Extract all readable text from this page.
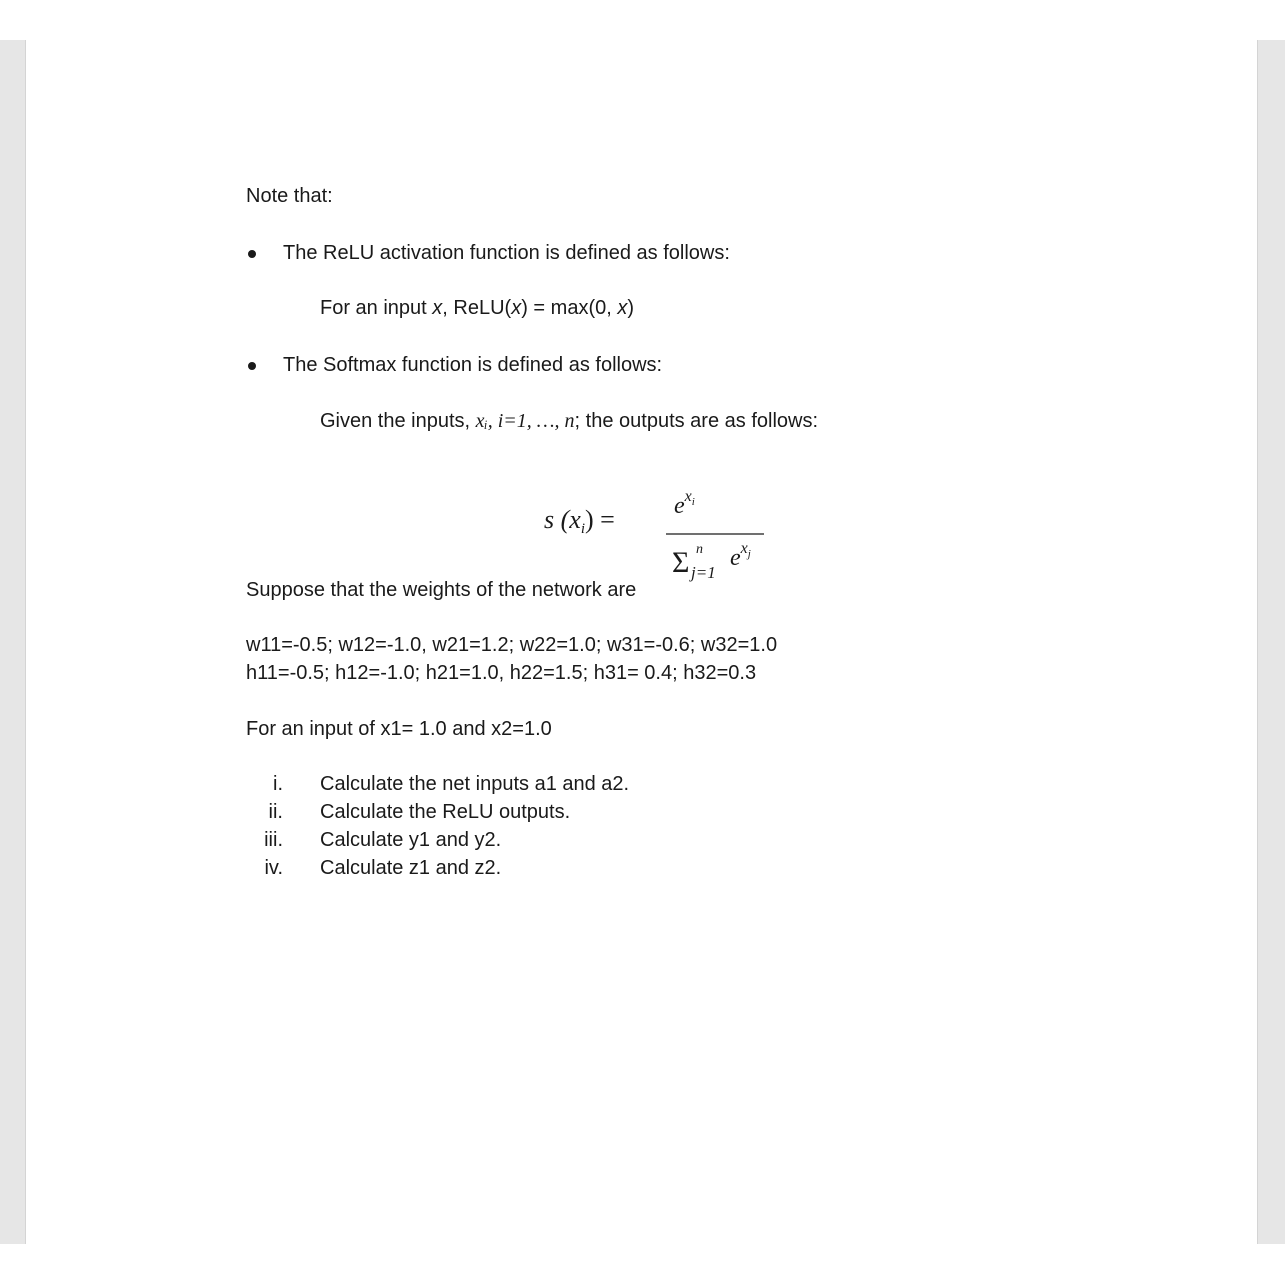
Note that:
The ReLU activation function is defined as follows:
For an input x, ReLU(x) = max(0, x)
The Softmax function is defined as follows:
Given the inputs, xᵢ, i=1, …, n; the outputs are as follows:
s $(xi) = e^xi$
Σ n
j=1
$e^xj$
Suppose that the weights of the network are
w11=-0.5; w12=-1.0, w21=1.2; w22=1.0; w31=-0.6; w32=1.0
h11=-0.5; h12=-1.0; h21=1.0, h22=1.5; h31= 0.4; h32=0.3
For an input of x1= 1.0 and x2=1.0
i. Calculate the net inputs a1 and a2.
ii. Calculate the ReLU outputs.
iii. Calculate y1 and y2.
iv. Calculate z1 and z2.
